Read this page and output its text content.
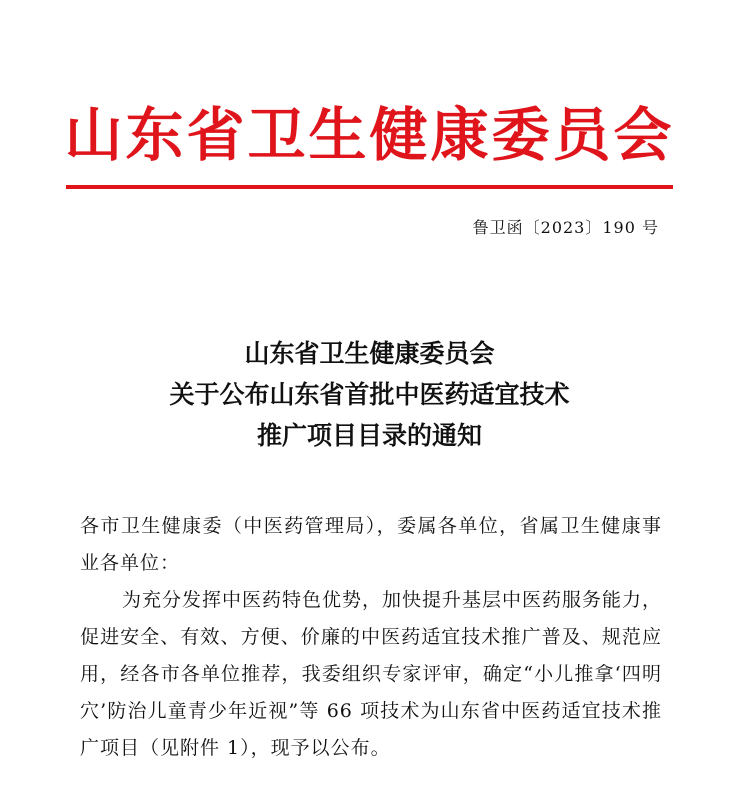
山东省卫生健康委员会
鲁卫函〔2023〕190 号
山东省卫生健康委员会
关于公布山东省首批中医药适宜技术
推广项目目录的通知

各市卫生健康委（中医药管理局），委属各单位，省属卫生健康事业各单位：

为充分发挥中医药特色优势，加快提升基层中医药服务能力，促进安全、有效、方便、价廉的中医药适宜技术推广普及、规范应用，经各市各单位推荐，我委组织专家评审，确定“小儿推拿‘四明穴’防治儿童青少年近视”等 66 项技术为山东省中医药适宜技术推广项目（见附件 1），现予以公布。
